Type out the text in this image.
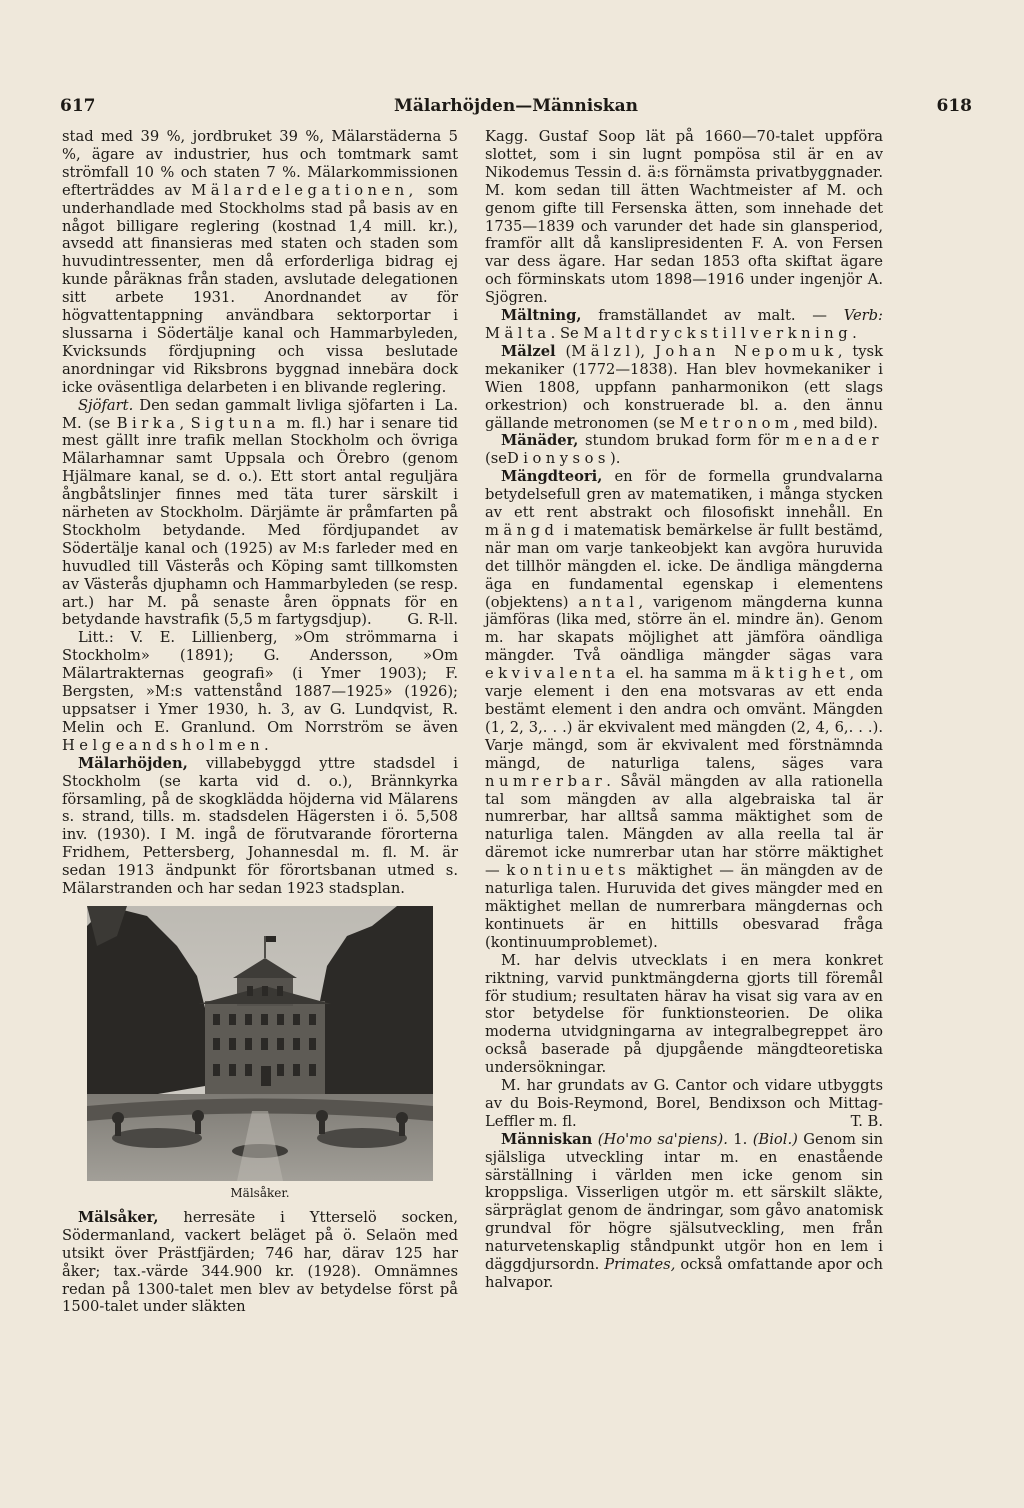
Mälarhöjden—Människan
617	618

stad med 39 %, jordbruket 39 %, Mälarstäderna 5 %, ägare av industrier, hus och tomtmark samt strömfall 10 % och staten 7 %. Mälarkommissionen efterträddes av Mälardelegationen, som underhandlade med Stockholms stad på basis av en något billigare reglering (kostnad 1,4 mill. kr.), avsedd att finansieras med staten och staden som huvudintressenter, men då erforderliga bidrag ej kunde påräknas från staden, avslutade delegationen sitt arbete 1931. Anordnandet av för högvattentappning användbara sektorportar i slussarna i Södertälje kanal och Hammarbyleden, Kvicksunds fördjupning och vissa beslutade anordningar vid Riksbrons byggnad innebära dock icke oväsentliga delarbeten i en blivande reglering.
La.

Sjöfart. Den sedan gammalt livliga sjöfarten i M. (se Birka, Sigtuna m. fl.) har i senare tid mest gällt inre trafik mellan Stockholm och övriga Mälarhamnar samt Uppsala och Örebro (genom Hjälmare kanal, se d. o.). Ett stort antal reguljära ångbåtslinjer finnes med täta turer särskilt i närheten av Stockholm. Därjämte är pråmfarten på Stockholm betydande. Med fördjupandet av Södertälje kanal och (1925) av M:s farleder med en huvudled till Västerås och Köping samt tillkomsten av Västerås djuphamn och Hammarbyleden (se resp. art.) har M. på senaste åren öppnats för en betydande havstrafik (5,5 m fartygsdjup).	G. R-ll.

Litt.: V. E. Lillienberg, »Om strömmarna i Stockholm» (1891); G. Andersson, »Om Mälartrakternas geografi» (i Ymer 1903); F. Bergsten, »M:s vattenstånd 1887—1925» (1926); uppsatser i Ymer 1930, h. 3, av G. Lundqvist, R. Melin och E. Granlund. Om Norrström se även Helgeandsholmen.

Mälarhöjden, villabebyggd yttre stadsdel i Stockholm (se karta vid d. o.), Brännkyrka församling, på de skogklädda höjderna vid Mälarens s. strand, tills. m. stadsdelen Hägersten i ö. 5,508 inv. (1930). I M. ingå de förutvarande förorterna Fridhem, Pettersberg, Johannesdal m. fl. M. är sedan 1913 ändpunkt för förortsbanan utmed s. Mälarstranden och har sedan 1923 stadsplan.

Mälsåker.

Mälsåker, herresäte i Ytterselö socken, Södermanland, vackert beläget på ö. Selaön med utsikt över Prästfjärden; 746 har, därav 125 har åker; tax.-värde 344.900 kr. (1928). Omnämnes redan på 1300-talet men blev av betydelse först på 1500-talet under släkten

Kagg. Gustaf Soop lät på 1660—70-talet uppföra slottet, som i sin lugnt pompösa stil är en av Nikodemus Tessin d. ä:s förnämsta privatbyggnader. M. kom sedan till ätten Wachtmeister af M. och genom gifte till Fersenska ätten, som innehade det 1735—1839 och varunder det hade sin glansperiod, framför allt då kanslipresidenten F. A. von Fersen var dess ägare. Har sedan 1853 ofta skiftat ägare och förminskats utom 1898—1916 under ingenjör A. Sjögren.

Mältning, framställandet av malt. — Verb: Mälta. Se Maltdryckstillverkning.

Mälzel (Mälzl), Johan Nepomuk, tysk mekaniker (1772—1838). Han blev hovmekaniker i Wien 1808, uppfann panharmonikon (ett slags orkestrion) och konstruerade bl. a. den ännu gällande metronomen (se Metronom, med bild).

Mänäder, stundom brukad form för menader (seDionysos).

Mängdteori, en för de formella grundvalarna betydelsefull gren av matematiken, i många stycken av ett rent abstrakt och filosofiskt innehåll. En mängd i matematisk bemärkelse är fullt bestämd, när man om varje tankeobjekt kan avgöra huruvida det tillhör mängden el. icke. De ändliga mängderna äga en fundamental egenskap i elementens (objektens) antal, varigenom mängderna kunna jämföras (lika med, större än el. mindre än). Genom m. har skapats möjlighet att jämföra oändliga mängder. Två oändliga mängder sägas vara ekvivalenta el. ha samma mäktighet, om varje element i den ena motsvaras av ett enda bestämt element i den andra och omvänt. Mängden (1, 2, 3,. . .) är ekvivalent med mängden (2, 4, 6,. . .). Varje mängd, som är ekvivalent med förstnämnda mängd, de naturliga talens, säges vara numrerbar. Såväl mängden av alla rationella tal som mängden av alla algebraiska tal är numrerbar, har alltså samma mäktighet som de naturliga talen. Mängden av alla reella tal är däremot icke numrerbar utan har större mäktighet — kontinuets mäktighet — än mängden av de naturliga talen. Huruvida det gives mängder med en mäktighet mellan de numrerbara mängdernas och kontinuets är en hittills obesvarad fråga (kontinuumproblemet).

M. har delvis utvecklats i en mera konkret riktning, varvid punktmängderna gjorts till föremål för studium; resultaten härav ha visat sig vara av en stor betydelse för funktionsteorien. De olika moderna utvidgningarna av integralbegreppet äro också baserade på djupgående mängdteoretiska undersökningar.

M. har grundats av G. Cantor och vidare utbyggts av du Bois-Reymond, Borel, Bendixson och Mittag-Leffler m. fl.	T. B.

Människan (Ho'mo sa'piens). 1. (Biol.) Genom sin själsliga utveckling intar m. en enastående särställning i världen men icke genom sin kroppsliga. Visserligen utgör m. ett särskilt släkte, särpräglat genom de ändringar, som gåvo anatomisk grundval för högre själsutveckling, men från naturvetenskaplig ståndpunkt utgör hon en lem i däggdjursordn. Primates, också omfattande apor och halvapor.
